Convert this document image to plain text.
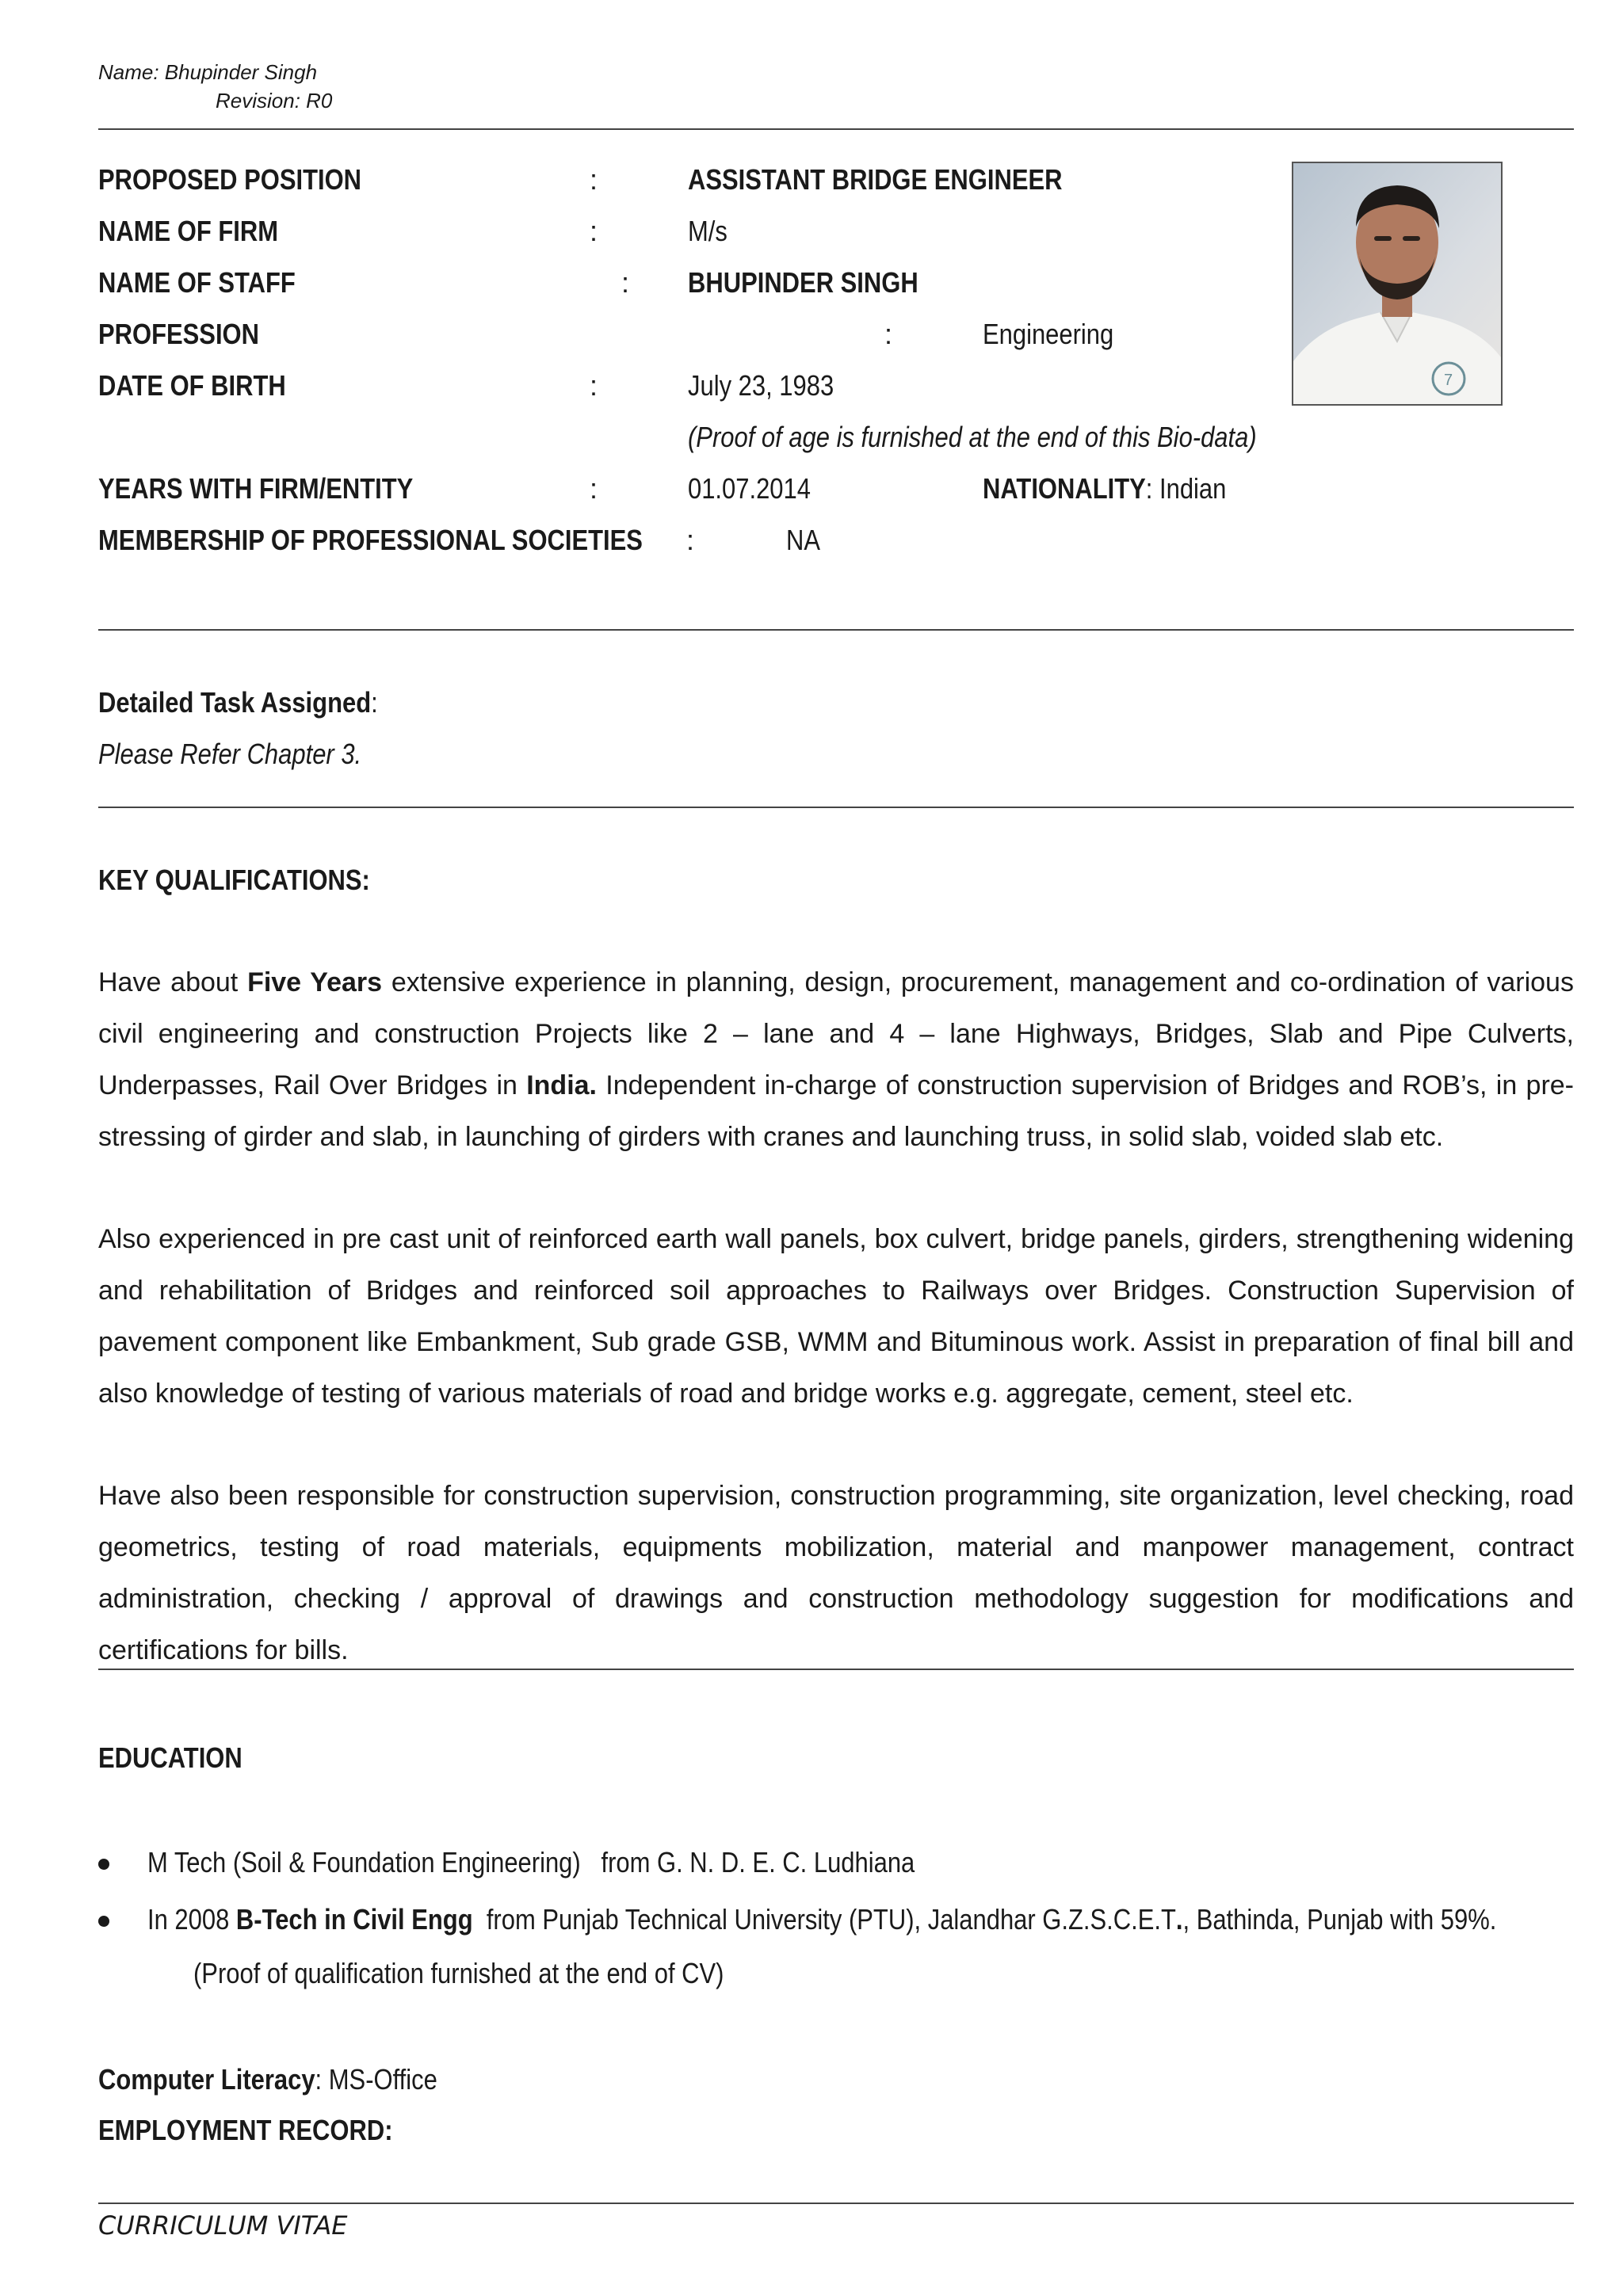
Name: Bhupinder Singh
Revision: R0
PROPOSED POSITION	:	ASSISTANT BRIDGE ENGINEER
NAME OF FIRM	:	M/s
NAME OF STAFF	: BHUPINDER SINGH
PROFESSION	:	Engineering
DATE OF BIRTH	:	July 23, 1983
(Proof of age is furnished at the end of this Bio-data)
YEARS WITH FIRM/ENTITY	:	01.07.2014	NATIONALITY: Indian
MEMBERSHIP OF PROFESSIONAL SOCIETIES :	NA
7
Detailed Task Assigned:
Please Refer Chapter 3.
KEY QUALIFICATIONS:
Have about Five Years extensive experience in planning, design, procurement, management and co-ordination of various civil engineering and construction Projects like 2 – lane and 4 – lane Highways, Bridges, Slab and Pipe Culverts, Underpasses, Rail Over Bridges in India. Independent in-charge of construction supervision of Bridges and ROB’s, in pre-stressing of girder and slab, in launching of girders with cranes and launching truss, in solid slab, voided slab etc.
Also experienced in pre cast unit of reinforced earth wall panels, box culvert, bridge panels, girders, strengthening widening and rehabilitation of Bridges and reinforced soil approaches to Railways over Bridges. Construction Supervision of pavement component like Embankment, Sub grade GSB, WMM and Bituminous work. Assist in preparation of final bill and also knowledge of testing of various materials of road and bridge works e.g. aggregate, cement, steel etc.
Have also been responsible for construction supervision, construction programming, site organization, level checking, road geometrics, testing of road materials, equipments mobilization, material and manpower management, contract administration, checking / approval of drawings and construction methodology suggestion for modifications and certifications for bills.
EDUCATION
M Tech (Soil & Foundation Engineering)   from G. N. D. E. C. Ludhiana
In 2008 B-Tech in Civil Engg  from Punjab Technical University (PTU), Jalandhar G.Z.S.C.E.T., Bathinda, Punjab with 59%.
(Proof of qualification furnished at the end of CV)
Computer Literacy: MS-Office
EMPLOYMENT RECORD:
CURRICULUM VITAE
